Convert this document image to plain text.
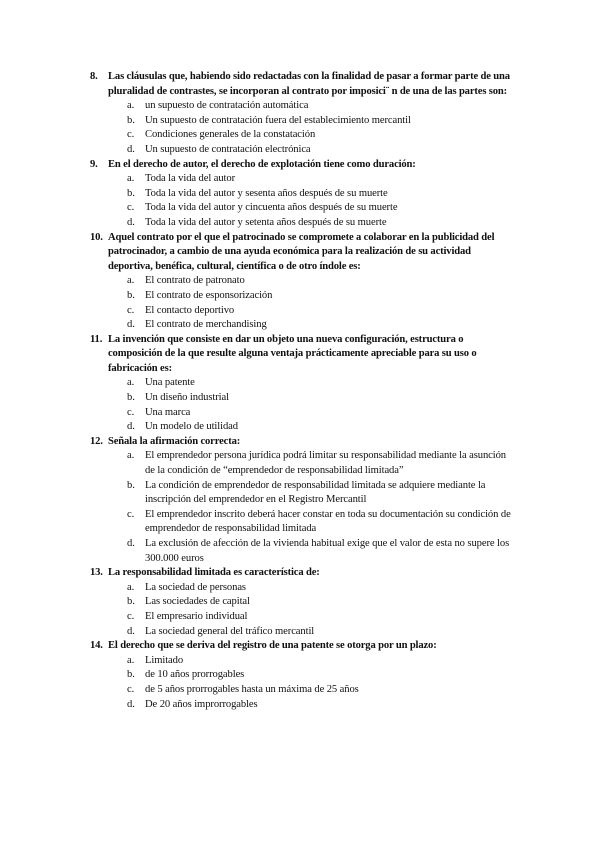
8. Las cláusulas que, habiendo sido redactadas con la finalidad de pasar a formar parte de una pluralidad de contrastes, se incorporan al contrato por imposici¨ n de una de las partes son:
a. un supuesto de contratación automática
b. Un supuesto de contratación fuera del establecimiento mercantil
c. Condiciones generales de la constatación
d. Un supuesto de contratación electrónica
9. En el derecho de autor, el derecho de explotación tiene como duración:
a. Toda la vida del autor
b. Toda la vida del autor y sesenta años después de su muerte
c. Toda la vida del autor y cincuenta años después de su muerte
d. Toda la vida del autor y setenta años después de su muerte
10. Aquel contrato por el que el patrocinado se compromete a colaborar en la publicidad del patrocinador, a cambio de una ayuda económica para la realización de su actividad deportiva, benéfica, cultural, científica o de otro índole es:
a. El contrato de patronato
b. El contrato de esponsorización
c. El contacto deportivo
d. El contrato de merchandising
11. La invención que consiste en dar un objeto una nueva configuración, estructura o composición de la que resulte alguna ventaja prácticamente apreciable para su uso o fabricación es:
a. Una patente
b. Un diseño industrial
c. Una marca
d. Un modelo de utilidad
12. Señala la afirmación correcta:
a. El emprendedor persona jurídica podrá limitar su responsabilidad mediante la asunción de la condición de “emprendedor de responsabilidad limitada”
b. La condición de emprendedor de responsabilidad limitada se adquiere mediante la inscripción del emprendedor en el Registro Mercantil
c. El emprendedor inscrito deberá hacer constar en toda su documentación su condición de emprendedor de responsabilidad limitada
d. La exclusión de afección de la vivienda habitual exige que el valor de esta no supere los 300.000 euros
13. La responsabilidad limitada es característica de:
a. La sociedad de personas
b. Las sociedades de capital
c. El empresario individual
d. La sociedad general del tráfico mercantil
14. El derecho que se deriva del registro de una patente se otorga por un plazo:
a. Limitado
b. de 10 años prorrogables
c. de 5 años prorrogables hasta un máxima de 25 años
d. De 20 años improrrogables
